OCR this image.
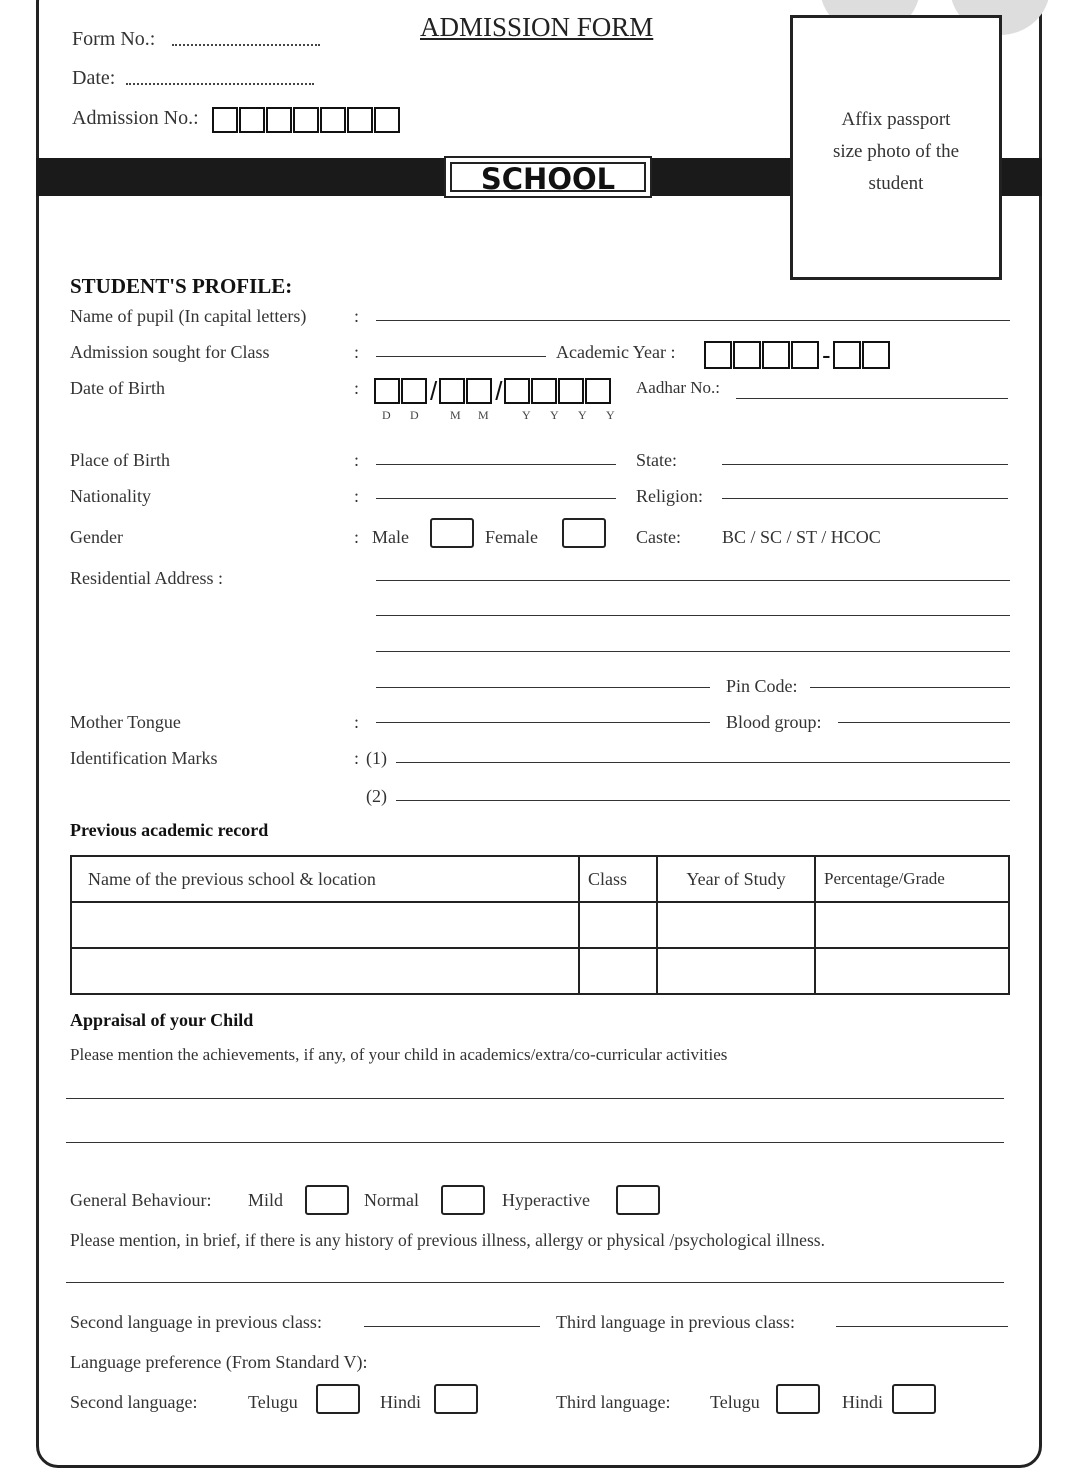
ADMISSION FORM
Form No.:
Date:
Admission No.:
SCHOOL
Affix passport
size photo of the
student
STUDENT'S PROFILE:
Name of pupil (In capital letters)	:
Admission sought for Class	:	Academic Year :	-
Date of Birth	:	/ /
D D	M M	Y Y Y Y
Aadhar No.:
Place of Birth	:	State:
Nationality	:	Religion:
Gender	: Male	Female	Caste: BC / SC / ST / HCOC
Residential Address :
Pin Code:
Mother Tongue	:	Blood group:
Identification Marks	: (1)
(2)
Previous academic record
Name of the previous school & location	Class	Year of Study	Percentage/Grade

Appraisal of your Child
Please mention the achievements, if any, of your child in academics/extra/co-curricular activities
General Behaviour: Mild	Normal	Hyperactive
Please mention, in brief, if there is any history of previous illness, allergy or physical /psychological illness.
Second language in previous class:	Third language in previous class:
Language preference (From Standard V):
Second language:	Telugu	Hindi	Third language: Telugu	Hindi
